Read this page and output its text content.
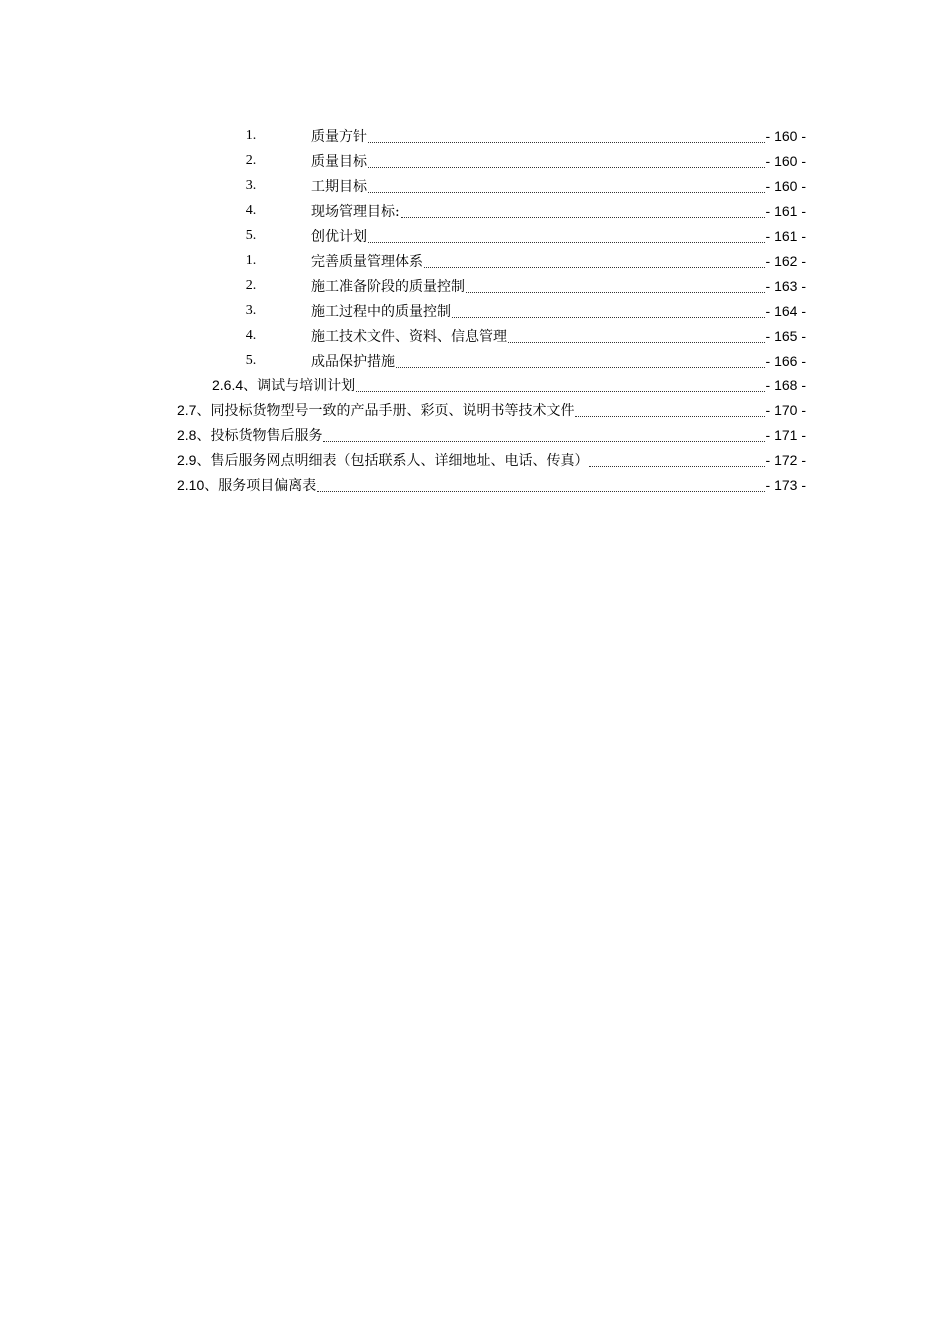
1.	质量方针	- 160 -
2.	质量目标	- 160 -
3.	工期目标	- 160 -
4.	现场管理目标:	- 161 -
5.	创优计划	- 161 -
1.	完善质量管理体系	- 162 -
2.	施工准备阶段的质量控制	- 163 -
3.	施工过程中的质量控制	- 164 -
4.	施工技术文件、资料、信息管理	- 165 -
5.	成品保护措施	- 166 -
2.6.4、调试与培训计划	- 168 -
2.7、同投标货物型号一致的产品手册、彩页、说明书等技术文件	- 170 -
2.8、投标货物售后服务	- 171 -
2.9、售后服务网点明细表（包括联系人、详细地址、电话、传真）	- 172 -
2.10、服务项目偏离表	- 173 -
